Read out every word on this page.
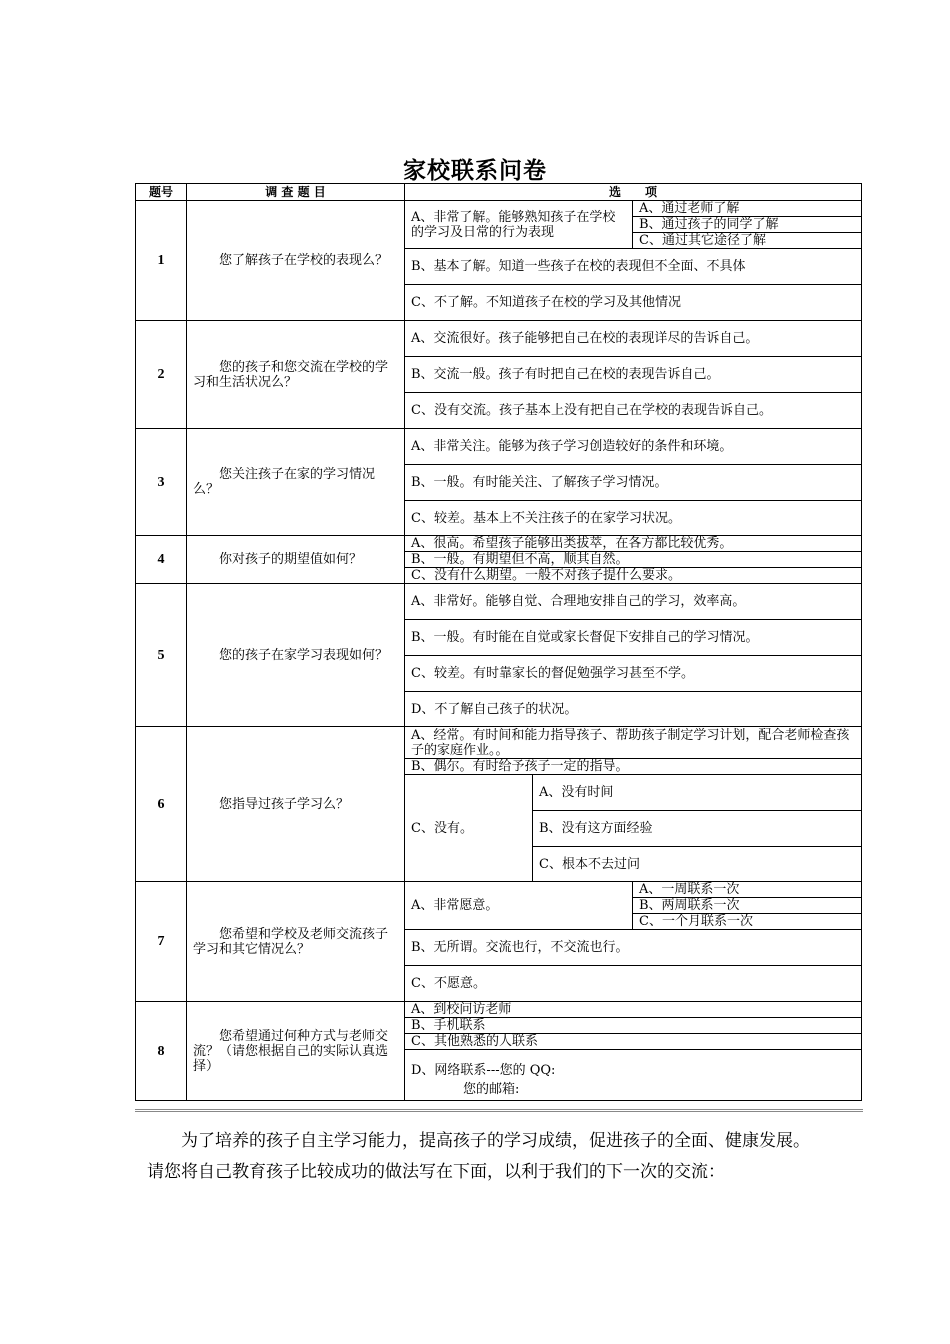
家校联系问卷
题号	调 查 题 目	选　　项		
1	您了解孩子在学校的表现么？	A、非常了解。能够熟知孩子在学校的学习及日常的行为表现		A、通过老师了解
				B、通过孩子的同学了解
				C、通过其它途径了解
		B、基本了解。知道一些孩子在校的表现但不全面、不具体		
		C、不了解。不知道孩子在校的学习及其他情况		
2	您的孩子和您交流在学校的学习和生活状况么？	A、交流很好。孩子能够把自己在校的表现详尽的告诉自己。		
		B、交流一般。孩子有时把自己在校的表现告诉自己。		
		C、没有交流。孩子基本上没有把自己在学校的表现告诉自己。		
3	您关注孩子在家的学习情况么？	A、非常关注。能够为孩子学习创造较好的条件和环境。		
		B、一般。有时能关注、了解孩子学习情况。		
		C、较差。基本上不关注孩子的在家学习状况。		
4	你对孩子的期望值如何？	A、很高。希望孩子能够出类拔萃，在各方都比较优秀。		
		B、一般。有期望但不高，顺其自然。		
		C、没有什么期望。一般不对孩子提什么要求。		
5	您的孩子在家学习表现如何？	A、非常好。能够自觉、合理地安排自己的学习，效率高。		
		B、一般。有时能在自觉或家长督促下安排自己的学习情况。		
		C、较差。有时靠家长的督促勉强学习甚至不学。		
		D、不了解自己孩子的状况。		
6	您指导过孩子学习么？	A、经常。有时间和能力指导孩子、帮助孩子制定学习计划，配合老师检查孩子的家庭作业。。		
		B、偶尔。有时给予孩子一定的指导。		
		C、没有。	A、没有时间	
			B、没有这方面经验	
			C、根本不去过问	
7	您希望和学校及老师交流孩子学习和其它情况么？	A、非常愿意。		A、一周联系一次
				B、两周联系一次
				C、一个月联系一次
		B、无所谓。交流也行，不交流也行。		
		C、不愿意。		
8	您希望通过何种方式与老师交流？（请您根据自己的实际认真选择）	A、到校问访老师		
		B、手机联系		
		C、其他熟悉的人联系		

		D、网络联系---您的 QQ:
您的邮箱:		

为了培养的孩子自主学习能力，提高孩子的学习成绩，促进孩子的全面、健康发展。请您将自己教育孩子比较成功的做法写在下面，以利于我们的下一次的交流：
